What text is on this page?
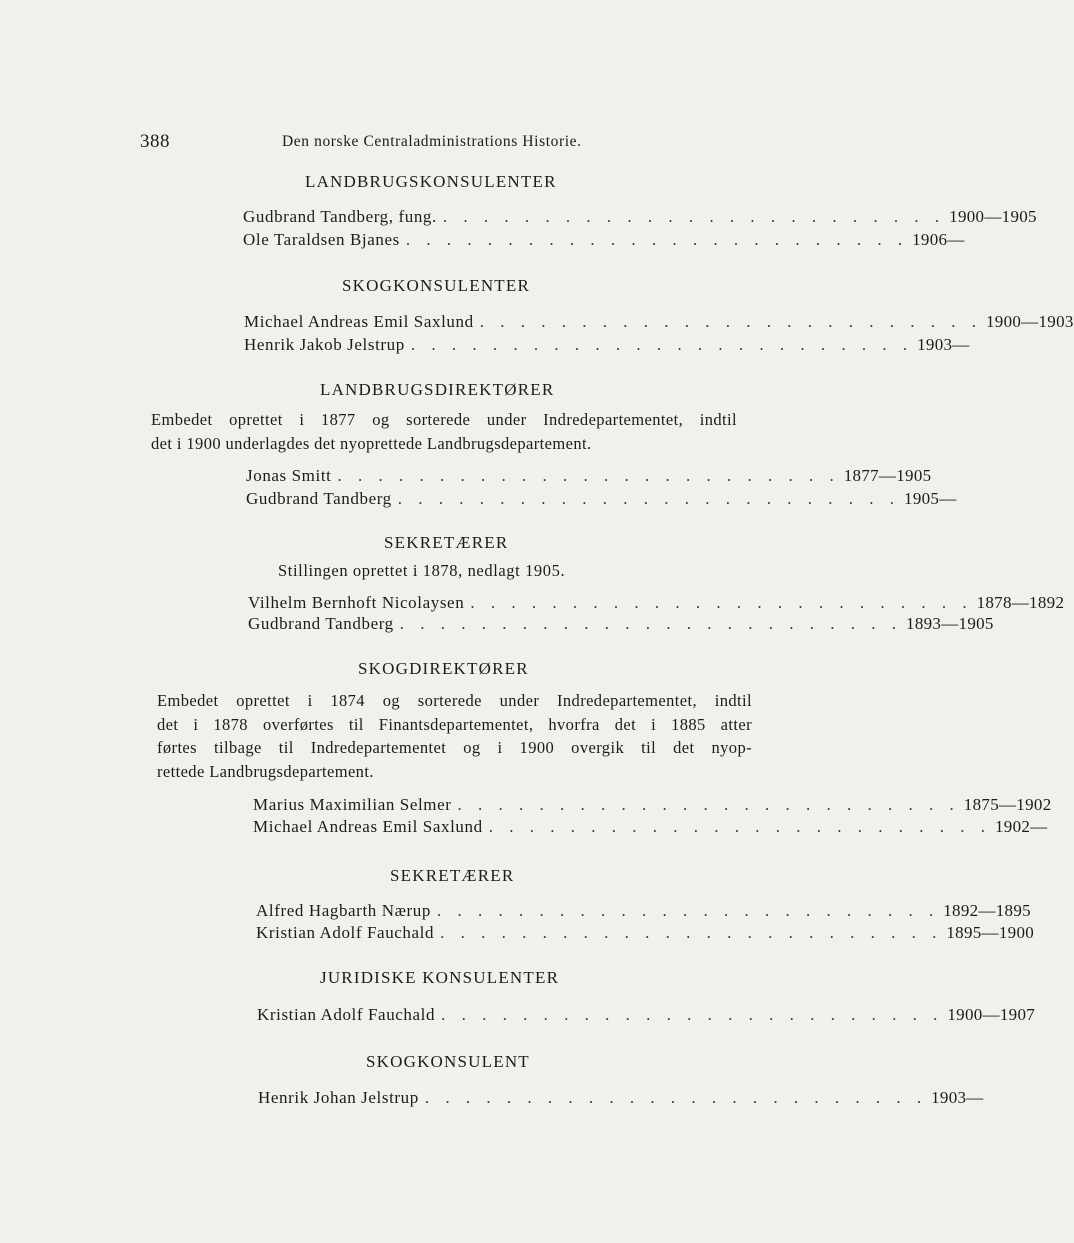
388	Den norske Centraladministrations Historie.
LANDBRUGSKONSULENTER
Gudbrand Tandberg, fung. . . . . . . . . . . . . . . . . . . . . . . . . . 1900—1905
Ole Taraldsen Bjanes . . . . . . . . . . . . . . . . . . . . . . . . . 1906—
SKOGKONSULENTER
Michael Andreas Emil Saxlund . . . . . . . . . . . . . . . . . . . . . . . . . 1900—1903
Henrik Jakob Jelstrup . . . . . . . . . . . . . . . . . . . . . . . . . 1903—
LANDBRUGSDIREKTØRER
Embedet oprettet i 1877 og sorterede under Indredepartementet, indtil
det i 1900 underlagdes det nyoprettede Landbrugsdepartement.
Jonas Smitt . . . . . . . . . . . . . . . . . . . . . . . . . 1877—1905
Gudbrand Tandberg . . . . . . . . . . . . . . . . . . . . . . . . . 1905—
SEKRETÆRER
Stillingen oprettet i 1878, nedlagt 1905.
Vilhelm Bernhoft Nicolaysen . . . . . . . . . . . . . . . . . . . . . . . . . 1878—1892
Gudbrand Tandberg . . . . . . . . . . . . . . . . . . . . . . . . . 1893—1905
SKOGDIREKTØRER
Embedet oprettet i 1874 og sorterede under Indredepartementet, indtil
det i 1878 overførtes til Finantsdepartementet, hvorfra det i 1885 atter
førtes tilbage til Indredepartementet og i 1900 overgik til det nyop-
rettede Landbrugsdepartement.
Marius Maximilian Selmer . . . . . . . . . . . . . . . . . . . . . . . . . 1875—1902
Michael Andreas Emil Saxlund . . . . . . . . . . . . . . . . . . . . . . . . . 1902—
SEKRETÆRER
Alfred Hagbarth Nærup . . . . . . . . . . . . . . . . . . . . . . . . . 1892—1895
Kristian Adolf Fauchald . . . . . . . . . . . . . . . . . . . . . . . . . 1895—1900
JURIDISKE KONSULENTER
Kristian Adolf Fauchald . . . . . . . . . . . . . . . . . . . . . . . . . 1900—1907
SKOGKONSULENT
Henrik Johan Jelstrup . . . . . . . . . . . . . . . . . . . . . . . . . 1903—
